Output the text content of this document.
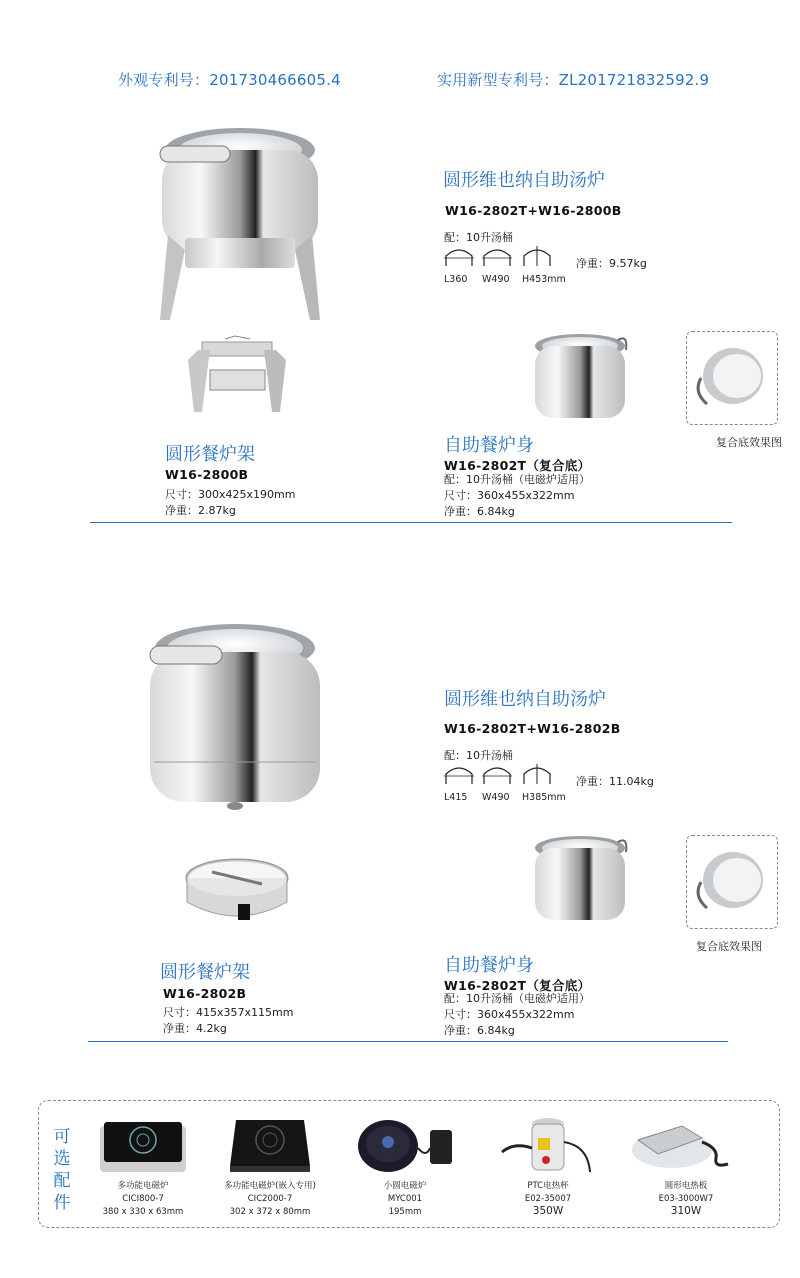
外观专利号：201730466605.4	实用新型专利号：ZL201721832592.9
圆形维也纳自助汤炉
W16-2802T+W16-2800B
配：10升汤桶
L360 W490 H453mm
净重：9.57kg
复合底效果图
圆形餐炉架
W16-2800B
尺寸：300x425x190mm
净重：2.87kg
自助餐炉身
W16-2802T（复合底）
配：10升汤桶（电磁炉适用）
尺寸：360x455x322mm
净重：6.84kg
圆形维也纳自助汤炉
W16-2802T+W16-2802B
配：10升汤桶
L415 W490 H385mm
净重：11.04kg
复合底效果图
圆形餐炉架
W16-2802B
尺寸：415x357x115mm
净重：4.2kg
自助餐炉身
W16-2802T（复合底）
配：10升汤桶（电磁炉适用）
尺寸：360x455x322mm
净重：6.84kg
可选配件
多功能电磁炉
CICI800-7
380 x 330 x 63mm
多功能电磁炉(嵌入专用)
CIC2000-7
302 x 372 x 80mm
小圆电磁炉
MYC001
195mm
PTC电热杯
E02-35007
350W
圆形电热板
E03-3000W7
310W
